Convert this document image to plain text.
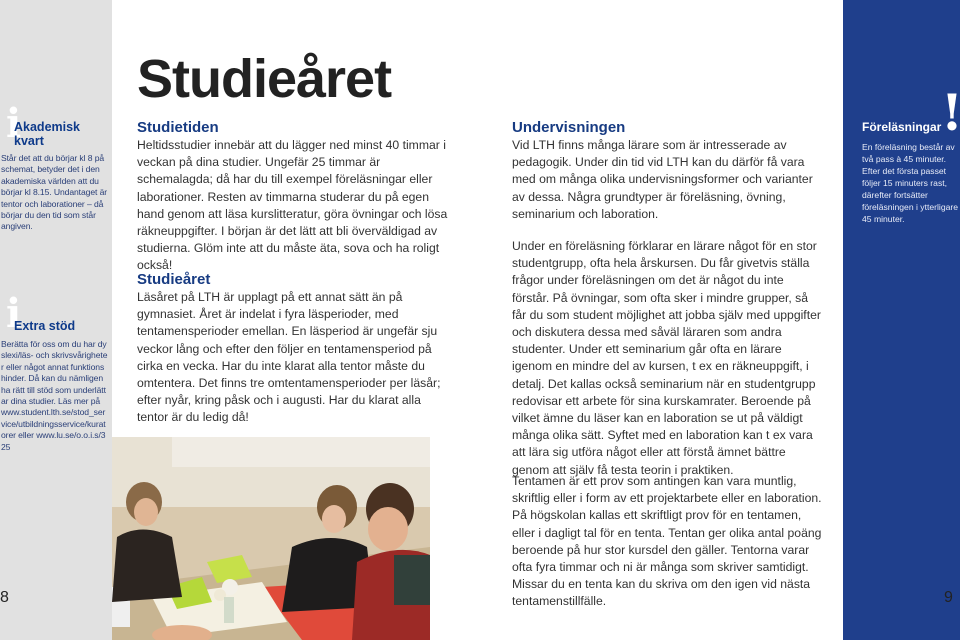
i
Akademisk kvart
Står det att du börjar kl 8 på schemat, betyder det i den akademiska världen att du börjar kl 8.15. Undantaget är tentor och laborationer – då börjar du den tid som står angiven.
i
Extra stöd
Berätta för oss om du har dyslexi/läs- och skrivsvårigheter eller något annat funktionshinder. Då kan du nämligen ha rätt till stöd som underlättar dina studier. Läs mer på www.student.lth.se/stod_service/utbildningsservice/kuratorer eller www.lu.se/o.o.i.s/325
8
Studieåret
Studietiden

Heltidsstudier innebär att du lägger ned minst 40 timmar i veckan på dina studier. Ungefär 25 timmar är schemalagda; då har du till exempel föreläsningar eller laborationer. Resten av timmarna studerar du på egen hand genom att läsa kurslitteratur, göra övningar och lösa räkneuppgifter. I början är det lätt att bli överväldigad av studierna. Glöm inte att du måste äta, sova och ha roligt också!

Studieåret

Läsåret på LTH är upplagt på ett annat sätt än på gymnasiet. Året är indelat i fyra läsperioder, med tentamensperioder emellan. En läsperiod är ungefär sju veckor lång och efter den följer en tentamensperiod på cirka en vecka. Har du inte klarat alla tentor måste du omtentera. Det finns tre omtentamensperioder per läsår; efter nyår, kring påsk och i augusti. Har du klarat alla tentor är du ledig då!

Undervisningen

Vid LTH finns många lärare som är intresserade av pedagogik. Under din tid vid LTH kan du därför få vara med om många olika undervisningsformer och varianter av dessa. Några grundtyper är föreläsning, övning, seminarium och laboration.

Under en föreläsning förklarar en lärare något för en stor studentgrupp, ofta hela årskursen. Du får givetvis ställa frågor under föreläsningen om det är något du inte förstår. På övningar, som ofta sker i mindre grupper, så får du som student möjlighet att jobba själv med uppgifter och diskutera dessa med såväl läraren som andra studenter. Under ett seminarium går ofta en lärare igenom en mindre del av kursen, t ex en räkneuppgift, i detalj. Det kallas också seminarium när en studentgrupp redovisar ett arbete för sina kurskamrater. Beroende på vilket ämne du läser kan en laboration se ut på väldigt många olika sätt. Syftet med en laboration kan t ex vara att lära sig utföra något eller att förstå ämnet bättre genom att själv få testa teorin i praktiken.

Tentamen är ett prov som antingen kan vara muntlig, skriftlig eller i form av ett projektarbete eller en laboration. På högskolan kallas ett skriftligt prov för en tentamen, eller i dagligt tal för en tenta. Tentan ger olika antal poäng beroende på hur stor kursdel den gäller. Tentorna varar ofta fyra timmar och ni är många som skriver samtidigt. Missar du en tenta kan du skriva om den igen vid nästa tentamenstillfälle.

!
Föreläsningar

En föreläsning består av två pass à 45 minuter. Efter det första passet följer 15 minuters rast, därefter fortsätter föreläsningen i ytterligare 45 minuter.

9
